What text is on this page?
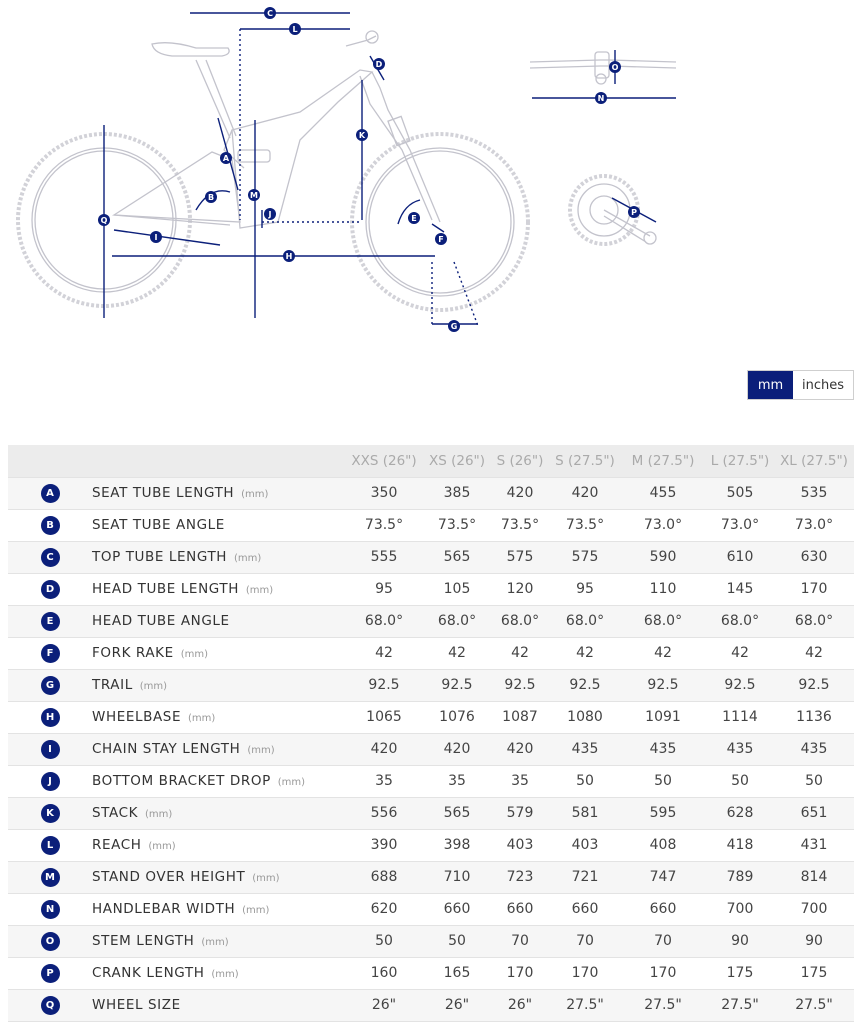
C
L
D
K
A
M
B
J
Q
I
E
F
H
G
O
N
P
mm	inches
		XXS (26")	XS (26")	S (26")	S (27.5")	M (27.5")	L (27.5")	XL (27.5")
A	SEAT TUBE LENGTH (mm)	350	385	420	420	455	505	535
B	SEAT TUBE ANGLE	73.5°	73.5°	73.5°	73.5°	73.0°	73.0°	73.0°
C	TOP TUBE LENGTH (mm)	555	565	575	575	590	610	630
D	HEAD TUBE LENGTH (mm)	95	105	120	95	110	145	170
E	HEAD TUBE ANGLE	68.0°	68.0°	68.0°	68.0°	68.0°	68.0°	68.0°
F	FORK RAKE (mm)	42	42	42	42	42	42	42
G	TRAIL (mm)	92.5	92.5	92.5	92.5	92.5	92.5	92.5
H	WHEELBASE (mm)	1065	1076	1087	1080	1091	1114	1136
I	CHAIN STAY LENGTH (mm)	420	420	420	435	435	435	435
J	BOTTOM BRACKET DROP (mm)	35	35	35	50	50	50	50
K	STACK (mm)	556	565	579	581	595	628	651
L	REACH (mm)	390	398	403	403	408	418	431
M	STAND OVER HEIGHT (mm)	688	710	723	721	747	789	814
N	HANDLEBAR WIDTH (mm)	620	660	660	660	660	700	700
O	STEM LENGTH (mm)	50	50	70	70	70	90	90
P	CRANK LENGTH (mm)	160	165	170	170	170	175	175
Q	WHEEL SIZE	26"	26"	26"	27.5"	27.5"	27.5"	27.5"
